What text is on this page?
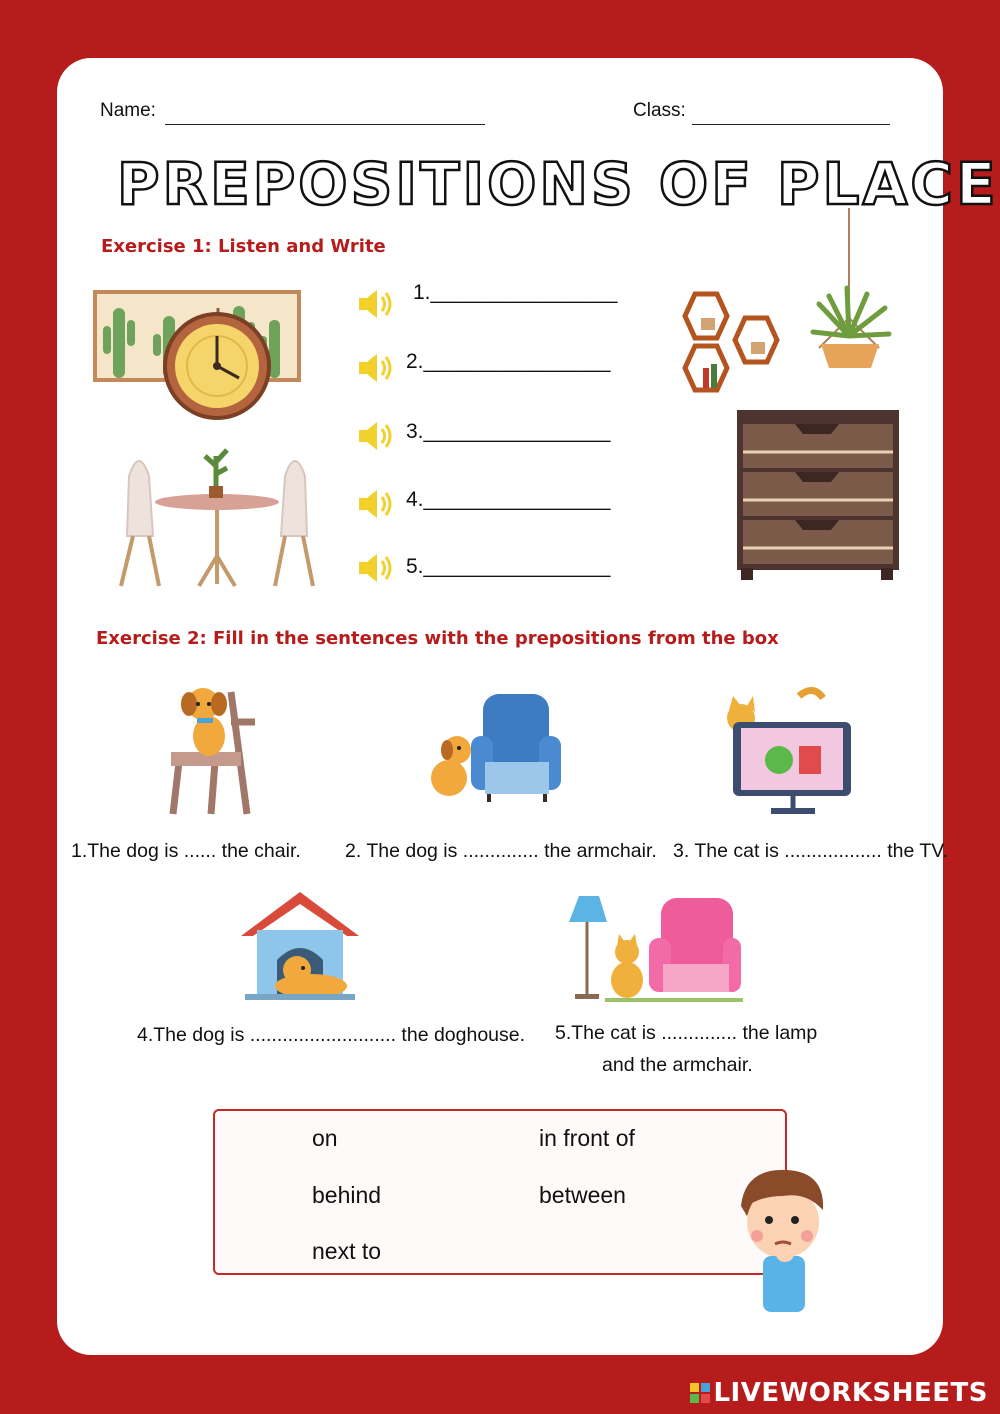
Name:	Class:
PREPOSITIONS OF PLACE
Exercise 1: Listen and Write
1.________________
2.________________
3.________________
4.________________
5.________________
Exercise 2: Fill in the sentences with the prepositions from the box
1.The dog is ...... the chair. 2. The dog is .............. the armchair. 3. The cat is .................. the TV.
4.The dog is ........................... the doghouse. 5.The cat is .............. the lamp
and the armchair.
on	in front of
behind	between
next to
LIVEWORKSHEETS
